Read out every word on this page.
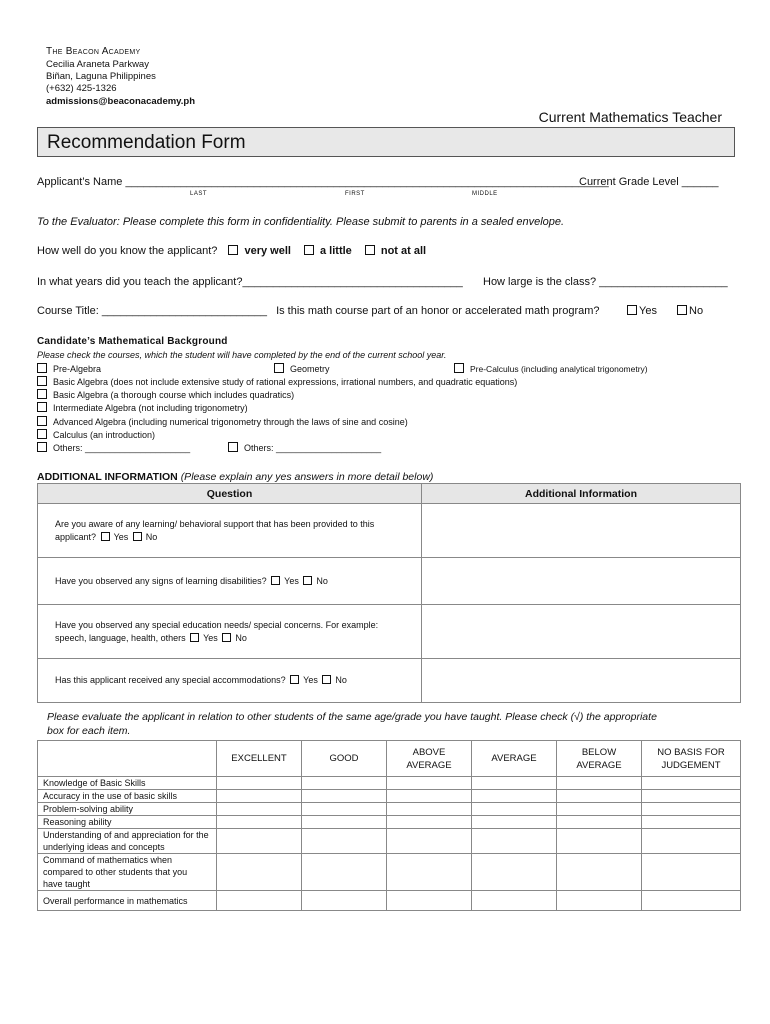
The Beacon Academy
Cecilia Araneta Parkway
Biñan, Laguna Philippines
(+632) 425-1326
admissions@beaconacademy.ph
Current Mathematics Teacher
Recommendation Form
Applicant’s Name _______________________________________________________________________________
Current Grade Level ______
LAST	FIRST	MIDDLE
To the Evaluator: Please complete this form in confidentiality. Please submit to parents in a sealed envelope.
How well do you know the applicant? very well	a little	not at all
In what years did you teach the applicant?____________________________________ How large is the class? _____________________
Course Title: ___________________________ Is this math course part of an honor or accelerated math program?	Yes	No
Candidate’s Mathematical Background
Please check the courses, which the student will have completed by the end of the current school year.
Pre-Algebra	Geometry	Pre-Calculus (including analytical trigonometry)
Basic Algebra (does not include extensive study of rational expressions, irrational numbers, and quadratic equations)
Basic Algebra (a thorough course which includes quadratics)
Intermediate Algebra (not including trigonometry)
Advanced Algebra (including numerical trigonometry through the laws of sine and cosine)
Calculus (an introduction)
Others: _____________________	Others: _____________________
ADDITIONAL INFORMATION (Please explain any yes answers in more detail below)
Question	Additional Information

Are you aware of any learning/ behavioral support that has been provided to this
applicant? Yes No	

Have you observed any signs of learning disabilities? Yes No	

Have you observed any special education needs/ special concerns. For example:
speech, language, health, others Yes No	

Has this applicant received any special accommodations? Yes No	
Please evaluate the applicant in relation to other students of the same age/grade you have taught. Please check (√) the appropriate
box for each item.
	EXCELLENT	GOOD	ABOVE AVERAGE	AVERAGE	BELOW AVERAGE	NO BASIS FOR JUDGEMENT

Knowledge of Basic Skills						
Accuracy in the use of basic skills						
Problem-solving ability						
Reasoning ability						
Understanding of and appreciation for the underlying ideas and concepts						
Command of mathematics when compared to other students that you have taught						
Overall performance in mathematics						
